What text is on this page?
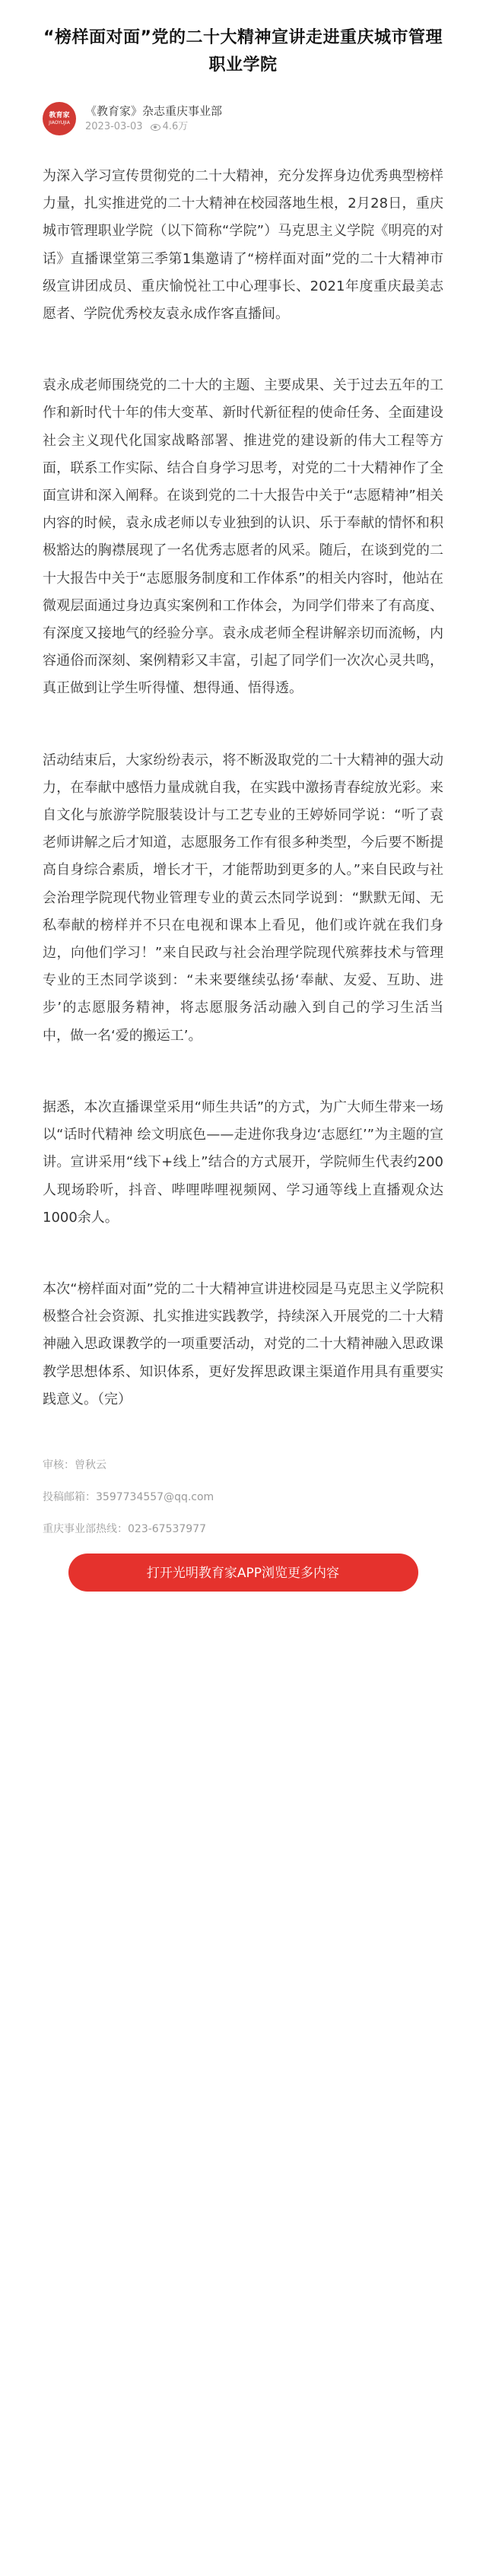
“榜样面对面”党的二十大精神宣讲走进重庆城市管理职业学院
教育家
JIAOYUJIA
《教育家》杂志重庆事业部
2023-03-03 4.6万

为深入学习宣传贯彻党的二十大精神，充分发挥身边优秀典型榜样力量，扎实推进党的二十大精神在校园落地生根，2月28日，重庆城市管理职业学院（以下简称“学院”）马克思主义学院《明亮的对话》直播课堂第三季第1集邀请了“榜样面对面”党的二十大精神市级宣讲团成员、重庆愉悦社工中心理事长、2021年度重庆最美志愿者、学院优秀校友袁永成作客直播间。

袁永成老师围绕党的二十大的主题、主要成果、关于过去五年的工作和新时代十年的伟大变革、新时代新征程的使命任务、全面建设社会主义现代化国家战略部署、推进党的建设新的伟大工程等方面，联系工作实际、结合自身学习思考，对党的二十大精神作了全面宣讲和深入阐释。在谈到党的二十大报告中关于“志愿精神”相关内容的时候，袁永成老师以专业独到的认识、乐于奉献的情怀和积极豁达的胸襟展现了一名优秀志愿者的风采。随后，在谈到党的二十大报告中关于“志愿服务制度和工作体系”的相关内容时，他站在微观层面通过身边真实案例和工作体会，为同学们带来了有高度、有深度又接地气的经验分享。袁永成老师全程讲解亲切而流畅，内容通俗而深刻、案例精彩又丰富，引起了同学们一次次心灵共鸣，真正做到让学生听得懂、想得通、悟得透。

活动结束后，大家纷纷表示，将不断汲取党的二十大精神的强大动力，在奉献中感悟力量成就自我，在实践中激扬青春绽放光彩。来自文化与旅游学院服装设计与工艺专业的王婷娇同学说：“听了袁老师讲解之后才知道，志愿服务工作有很多种类型，今后要不断提高自身综合素质，增长才干，才能帮助到更多的人。”来自民政与社会治理学院现代物业管理专业的黄云杰同学说到：“默默无闻、无私奉献的榜样并不只在电视和课本上看见，他们或许就在我们身边，向他们学习！”来自民政与社会治理学院现代殡葬技术与管理专业的王杰同学谈到：“未来要继续弘扬‘奉献、友爱、互助、进步’的志愿服务精神，将志愿服务活动融入到自己的学习生活当中，做一名‘爱的搬运工’。

据悉，本次直播课堂采用“师生共话”的方式，为广大师生带来一场以“话时代精神 绘文明底色——走进你我身边‘志愿红’”为主题的宣讲。宣讲采用“线下+线上”结合的方式展开，学院师生代表约200人现场聆听，抖音、哔哩哔哩视频网、学习通等线上直播观众达1000余人。

本次“榜样面对面”党的二十大精神宣讲进校园是马克思主义学院积极整合社会资源、扎实推进实践教学，持续深入开展党的二十大精神融入思政课教学的一项重要活动，对党的二十大精神融入思政课教学思想体系、知识体系，更好发挥思政课主渠道作用具有重要实践意义。（完）

审核：曾秋云

投稿邮箱：3597734557@qq.com

重庆事业部热线：023-67537977

打开光明教育家APP浏览更多内容
